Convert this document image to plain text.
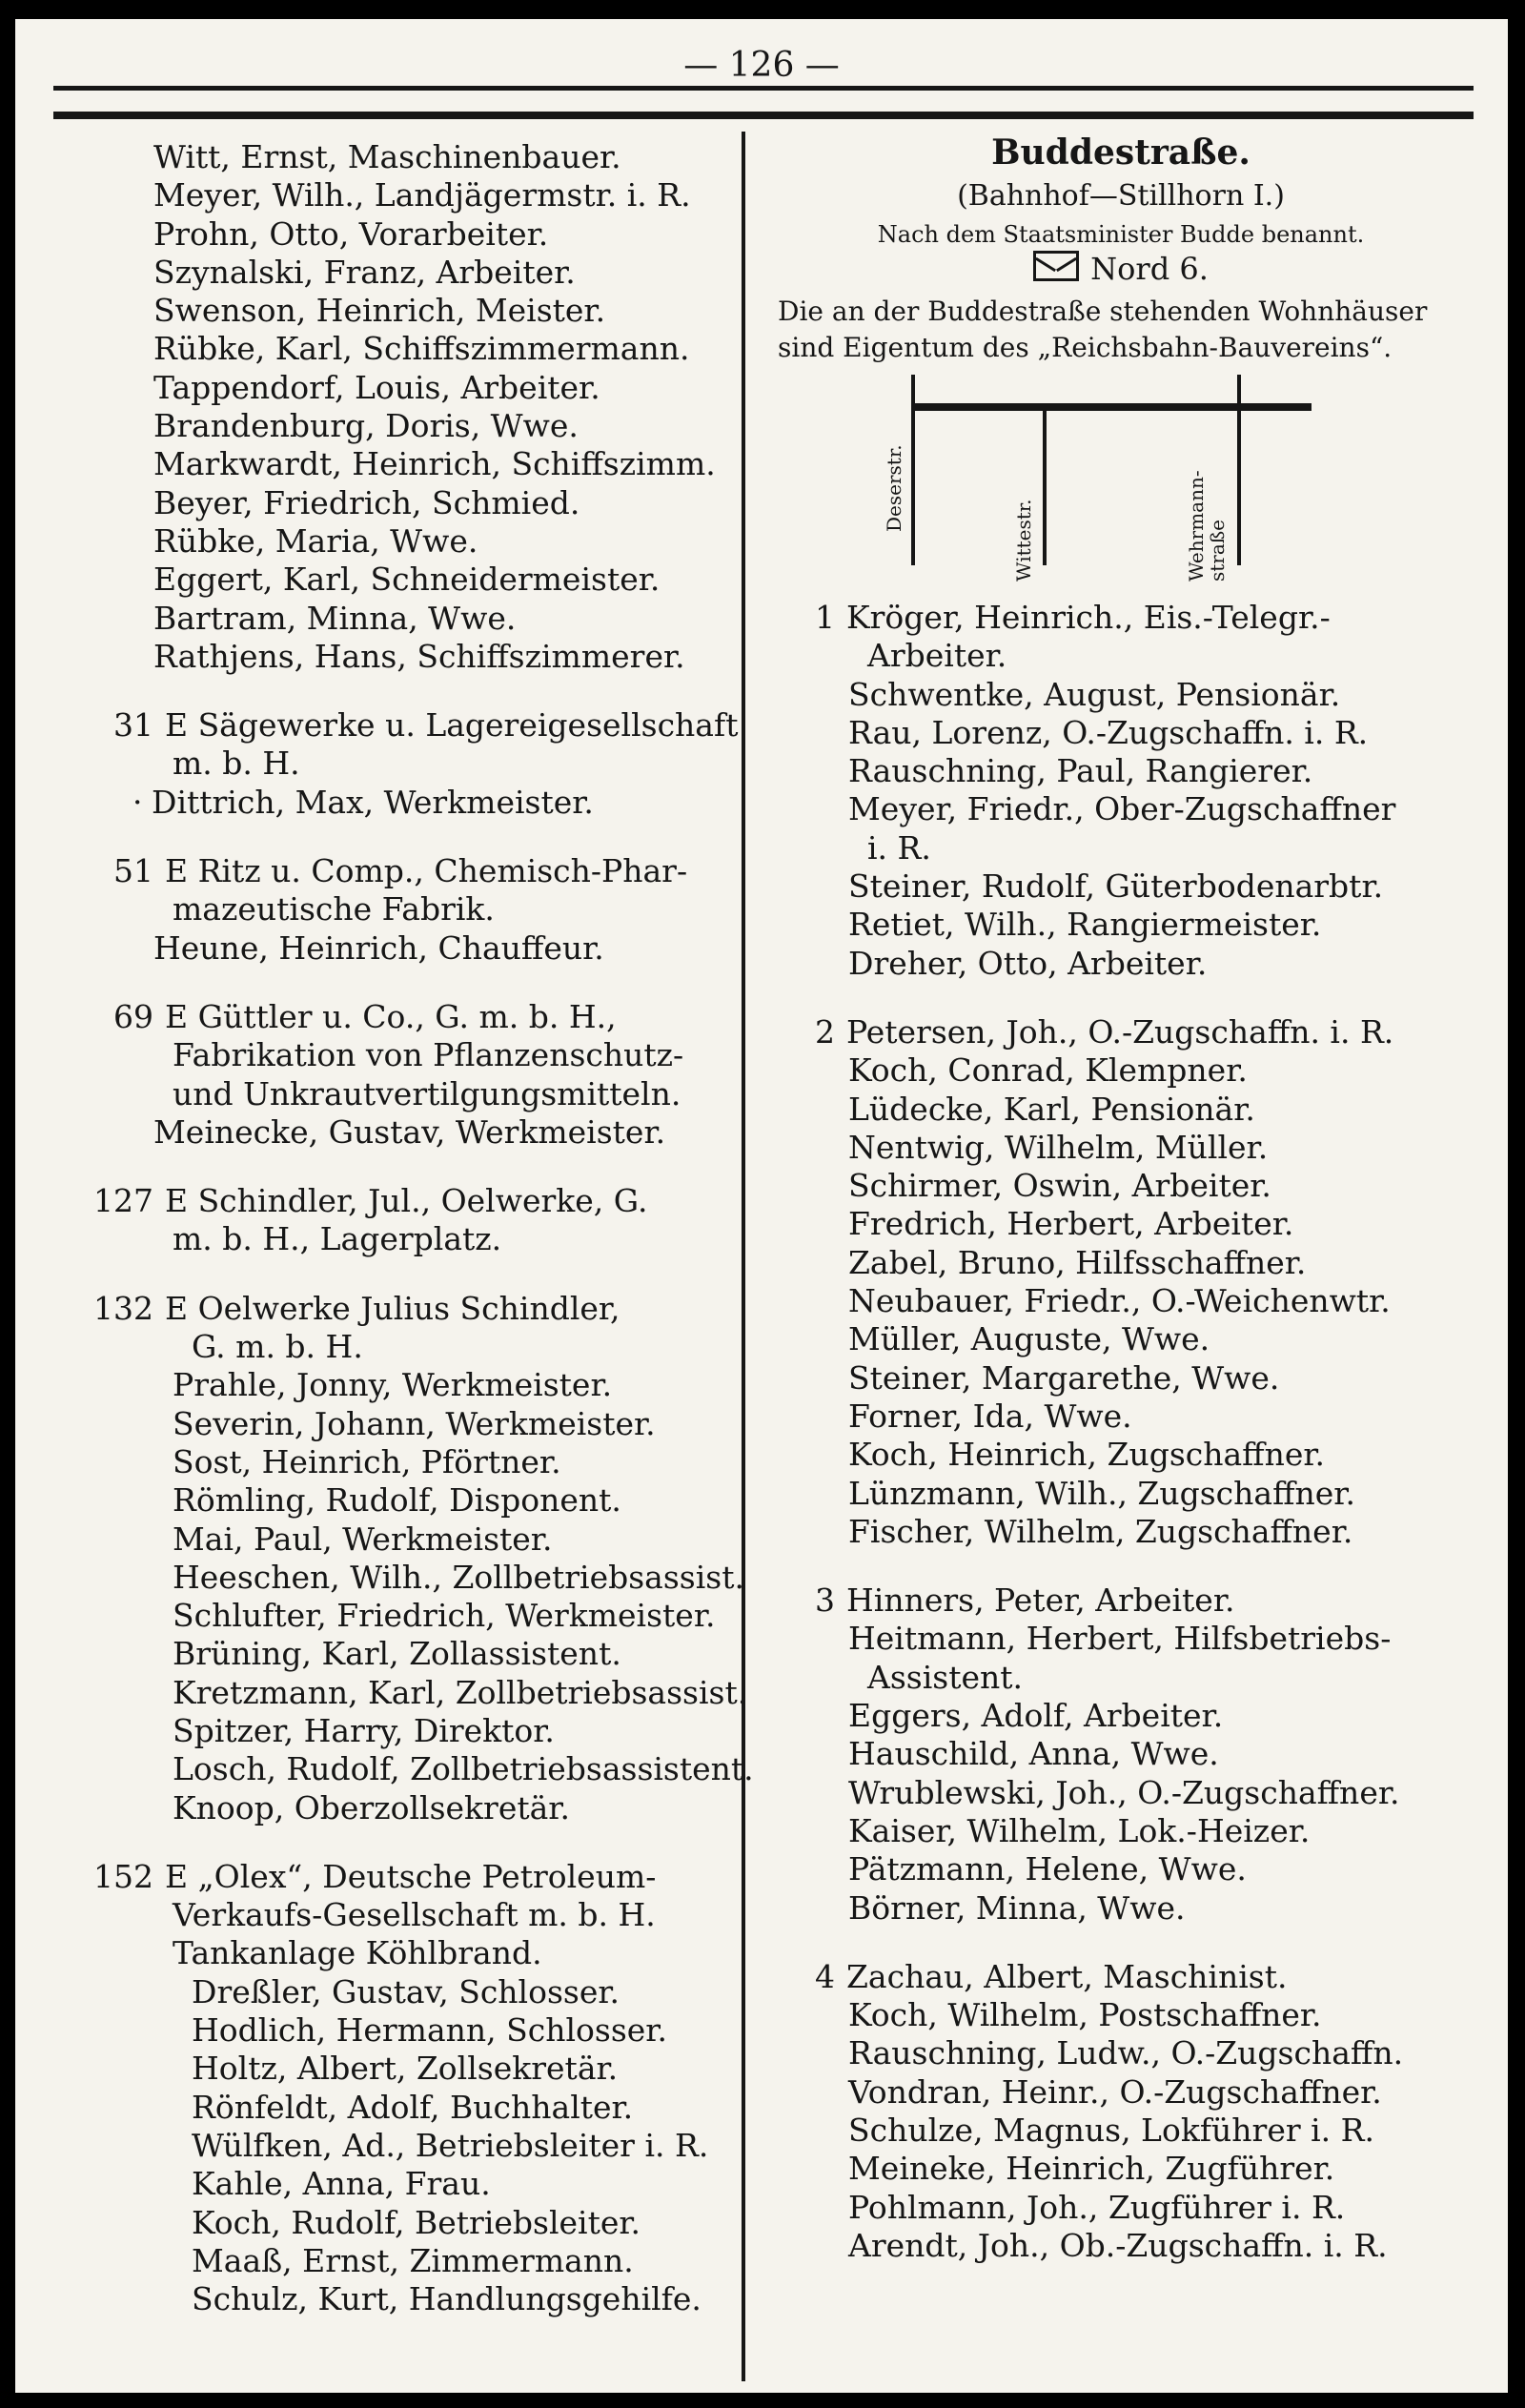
— 126 —
Witt, Ernst, Maschinenbauer.
Meyer, Wilh., Landjägermstr. i. R.
Prohn, Otto, Vorarbeiter.
Szynalski, Franz, Arbeiter.
Swenson, Heinrich, Meister.
Rübke, Karl, Schiffszimmermann.
Tappendorf, Louis, Arbeiter.
Brandenburg, Doris, Wwe.
Markwardt, Heinrich, Schiffszimm.
Beyer, Friedrich, Schmied.
Rübke, Maria, Wwe.
Eggert, Karl, Schneidermeister.
Bartram, Minna, Wwe.
Rathjens, Hans, Schiffszimmerer.
31 E Sägewerke u. Lagereigesellschaft
m. b. H.
· Dittrich, Max, Werkmeister.
51 E Ritz u. Comp., Chemisch-Phar-
mazeutische Fabrik.
Heune, Heinrich, Chauffeur.
69 E Güttler u. Co., G. m. b. H.,
Fabrikation von Pflanzenschutz-
und Unkrautvertilgungsmitteln.
Meinecke, Gustav, Werkmeister.
127 E Schindler, Jul., Oelwerke, G.
m. b. H., Lagerplatz.
132 E Oelwerke Julius Schindler,
G. m. b. H.
Prahle, Jonny, Werkmeister.
Severin, Johann, Werkmeister.
Sost, Heinrich, Pförtner.
Römling, Rudolf, Disponent.
Mai, Paul, Werkmeister.
Heeschen, Wilh., Zollbetriebsassist.
Schlufter, Friedrich, Werkmeister.
Brüning, Karl, Zollassistent.
Kretzmann, Karl, Zollbetriebsassist.
Spitzer, Harry, Direktor.
Losch, Rudolf, Zollbetriebsassistent.
Knoop, Oberzollsekretär.
152 E „Olex“, Deutsche Petroleum-
Verkaufs-Gesellschaft m. b. H.
Tankanlage Köhlbrand.
Dreßler, Gustav, Schlosser.
Hodlich, Hermann, Schlosser.
Holtz, Albert, Zollsekretär.
Rönfeldt, Adolf, Buchhalter.
Wülfken, Ad., Betriebsleiter i. R.
Kahle, Anna, Frau.
Koch, Rudolf, Betriebsleiter.
Maaß, Ernst, Zimmermann.
Schulz, Kurt, Handlungsgehilfe.
Buddestraße.
(Bahnhof—Stillhorn I.)
Nach dem Staatsminister Budde benannt.
Nord 6.
Die an der Buddestraße stehenden Wohnhäuser
sind Eigentum des „Reichsbahn-Bauvereins“.
Deserstr.
Wittestr.	Wehrmann-straße
1 Kröger, Heinrich., Eis.-Telegr.-
Arbeiter.
Schwentke, August, Pensionär.
Rau, Lorenz, O.-Zugschaffn. i. R.
Rauschning, Paul, Rangierer.
Meyer, Friedr., Ober-Zugschaffner
i. R.
Steiner, Rudolf, Güterbodenarbtr.
Retiet, Wilh., Rangiermeister.
Dreher, Otto, Arbeiter.
2 Petersen, Joh., O.-Zugschaffn. i. R.
Koch, Conrad, Klempner.
Lüdecke, Karl, Pensionär.
Nentwig, Wilhelm, Müller.
Schirmer, Oswin, Arbeiter.
Fredrich, Herbert, Arbeiter.
Zabel, Bruno, Hilfsschaffner.
Neubauer, Friedr., O.-Weichenwtr.
Müller, Auguste, Wwe.
Steiner, Margarethe, Wwe.
Forner, Ida, Wwe.
Koch, Heinrich, Zugschaffner.
Lünzmann, Wilh., Zugschaffner.
Fischer, Wilhelm, Zugschaffner.
3 Hinners, Peter, Arbeiter.
Heitmann, Herbert, Hilfsbetriebs-
Assistent.
Eggers, Adolf, Arbeiter.
Hauschild, Anna, Wwe.
Wrublewski, Joh., O.-Zugschaffner.
Kaiser, Wilhelm, Lok.-Heizer.
Pätzmann, Helene, Wwe.
Börner, Minna, Wwe.
4 Zachau, Albert, Maschinist.
Koch, Wilhelm, Postschaffner.
Rauschning, Ludw., O.-Zugschaffn.
Vondran, Heinr., O.-Zugschaffner.
Schulze, Magnus, Lokführer i. R.
Meineke, Heinrich, Zugführer.
Pohlmann, Joh., Zugführer i. R.
Arendt, Joh., Ob.-Zugschaffn. i. R.
